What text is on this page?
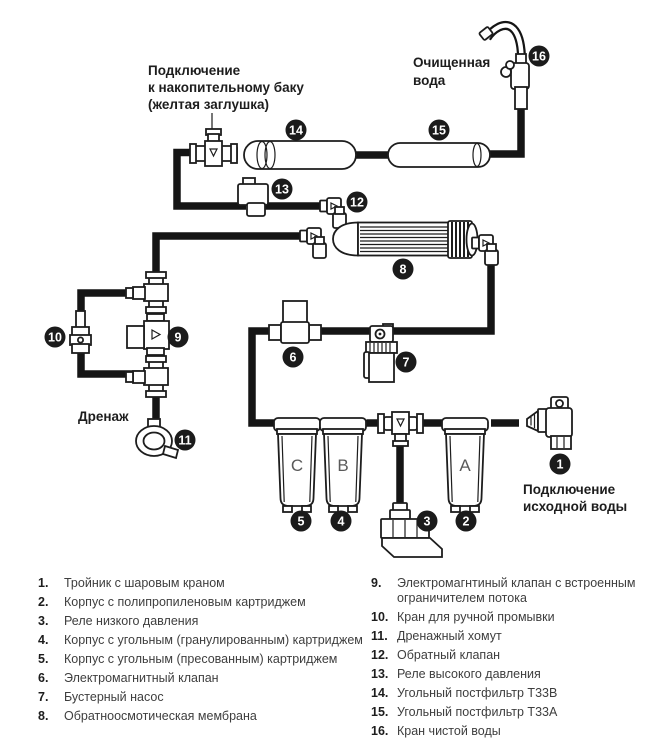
C B	A	1
2
3
4
5
6	7
8
9
10
11
12
13
14	15
16
Подключение
к накопительному баку
(желтая заглушка)
Очищенная
вода
Дренаж
Подключение
исходной воды
1.	Тройник с шаровым краном
2.	Корпус с полипропиленовым картриджем
3.	Реле низкого давления
4.	Корпус с угольным (гранулированным) картриджем
5.	Корпус с угольным (пресованным) картриджем
6.	Электромагнитный клапан
7.	Бустерный насос
8.	Обратноосмотическая мембрана
9.	Электромагнтиный клапан с встроенным ограничителем потока
10. Кран для ручной промывки
11. Дренажный хомут
12. Обратный клапан
13. Реле высокого давления
14. Угольный постфильтр Т33В
15. Угольный постфильтр Т33А
16. Кран чистой воды
